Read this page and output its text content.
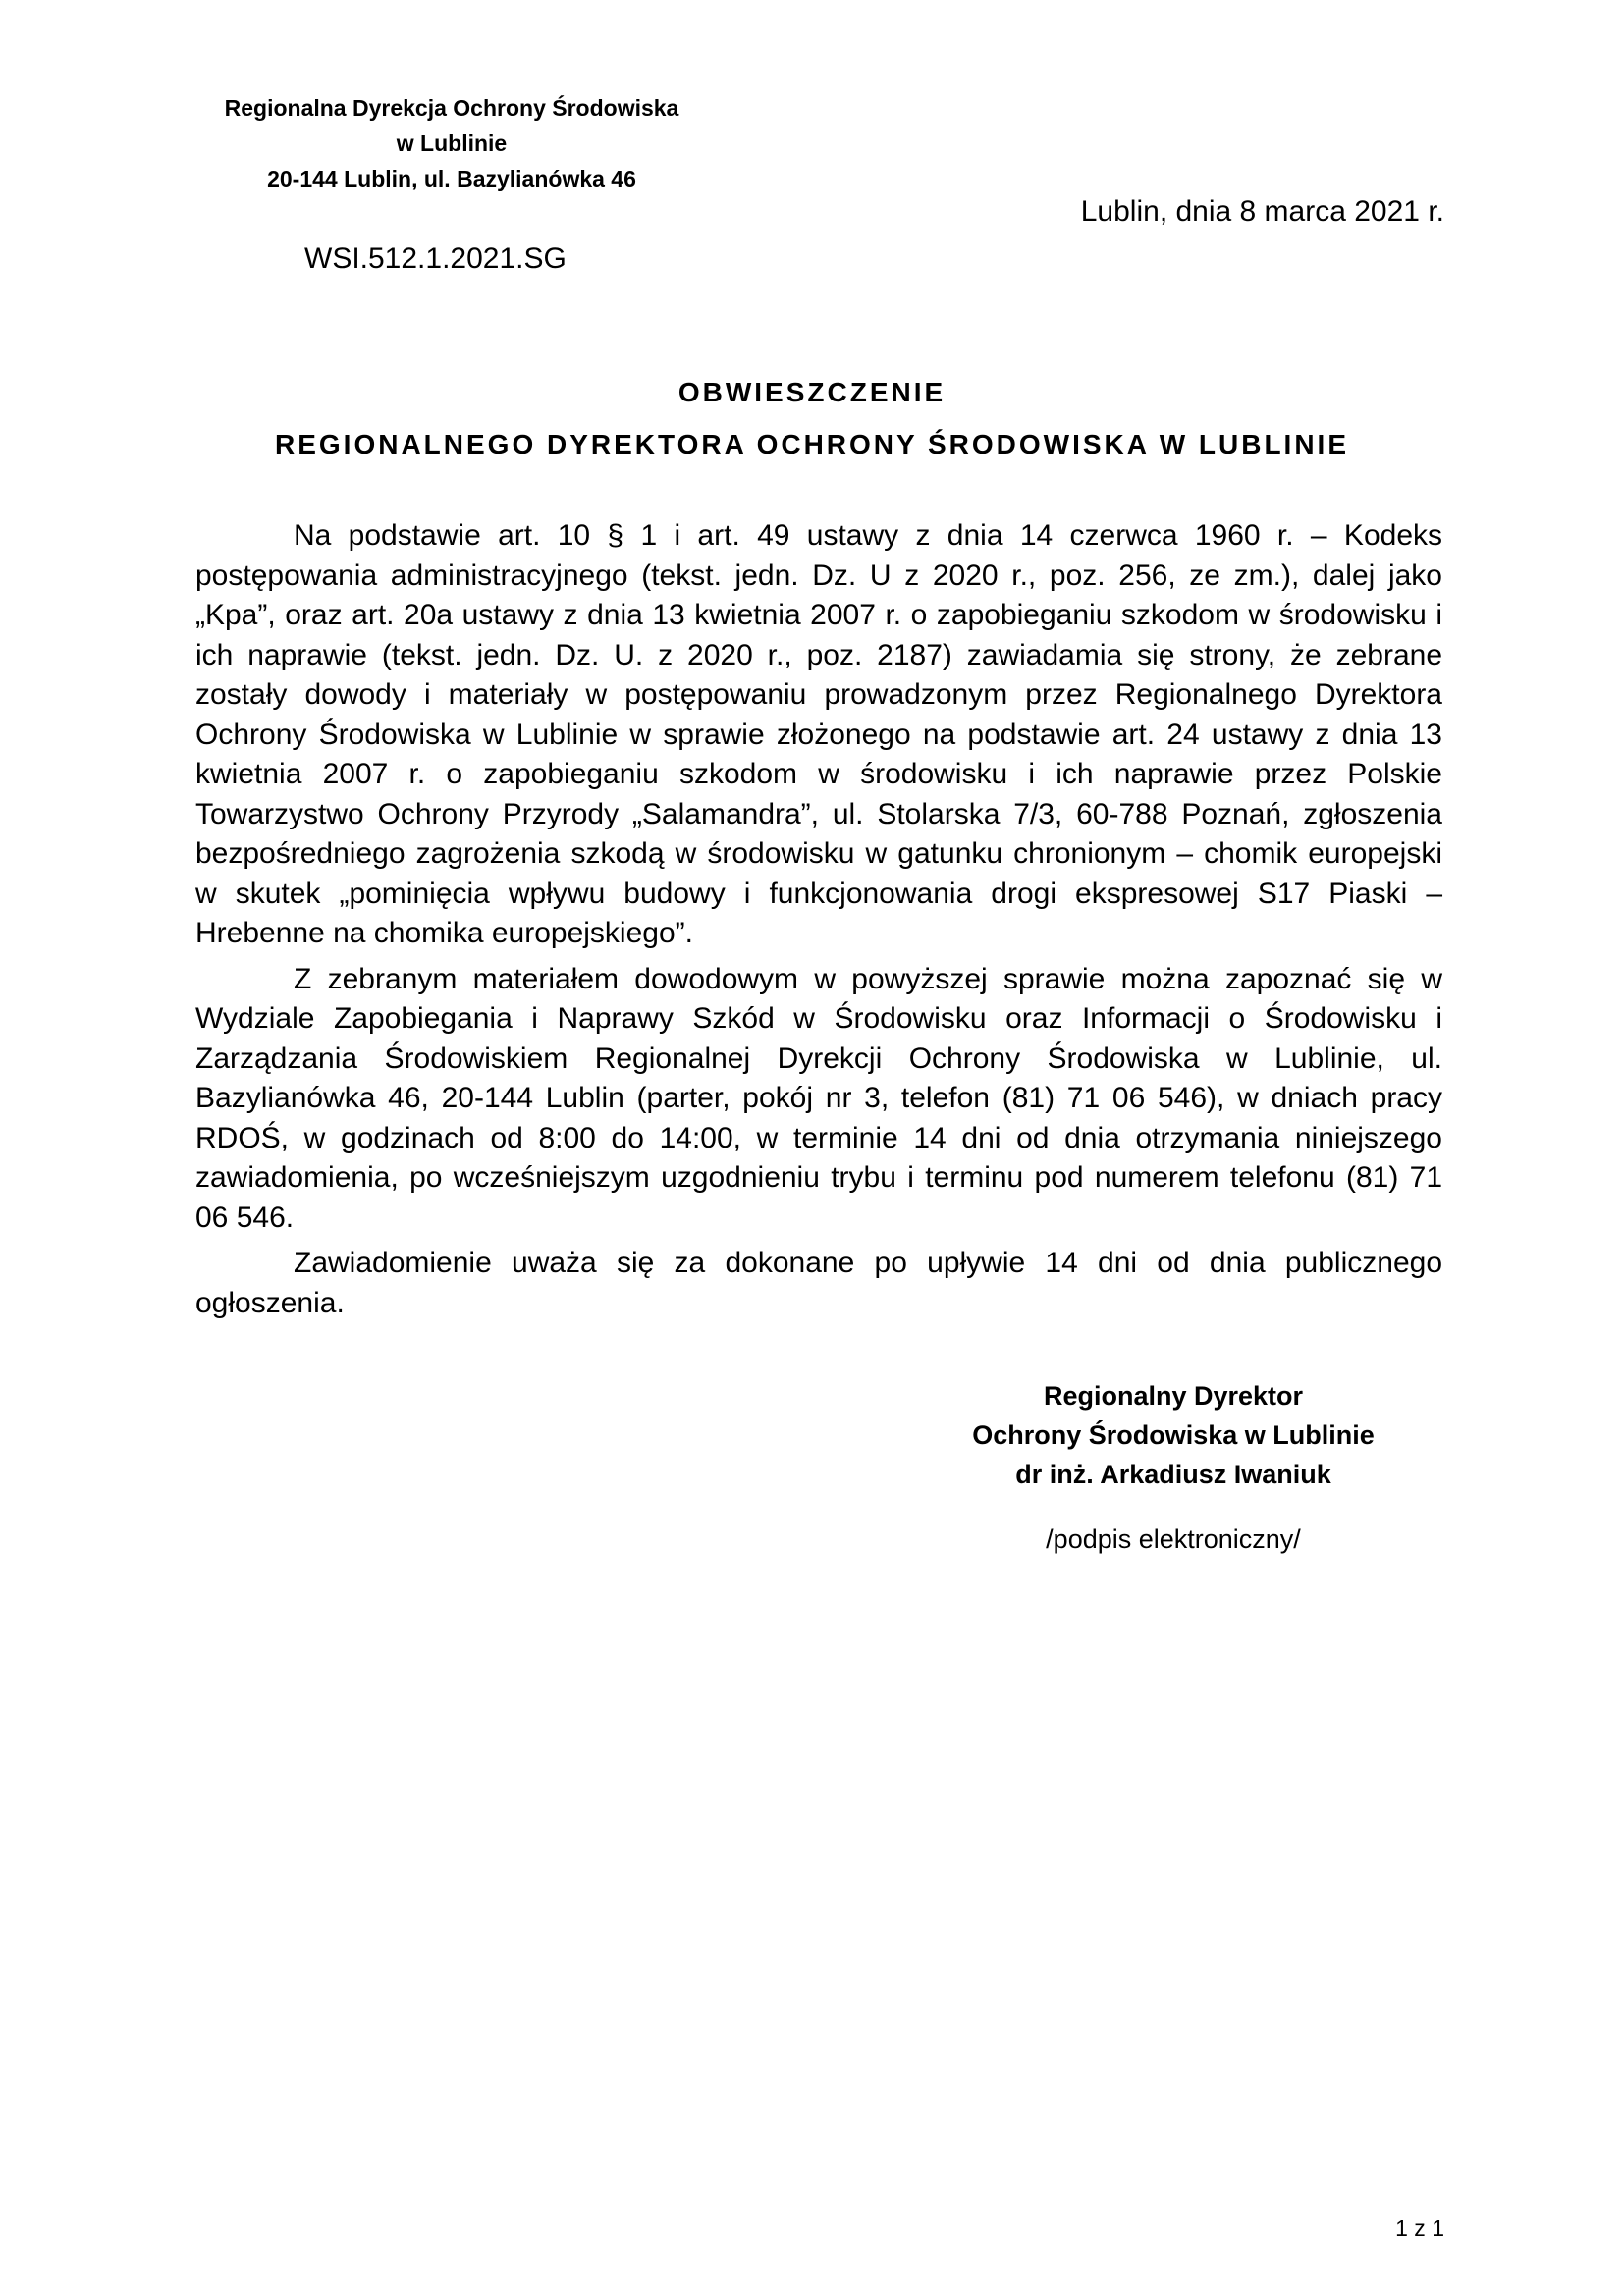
Regionalna Dyrekcja Ochrony Środowiska
w Lublinie
20-144 Lublin, ul. Bazylianówka 46
Lublin, dnia 8 marca 2021 r.
WSI.512.1.2021.SG
OBWIESZCZENIE
REGIONALNEGO DYREKTORA OCHRONY ŚRODOWISKA W LUBLINIE

Na podstawie art. 10 § 1 i art. 49 ustawy z dnia 14 czerwca 1960 r. – Kodeks postępowania administracyjnego (tekst. jedn. Dz. U z 2020 r., poz. 256, ze zm.), dalej jako „Kpa”, oraz art. 20a ustawy z dnia 13 kwietnia 2007 r. o zapobieganiu szkodom w środowisku i ich naprawie (tekst. jedn. Dz. U. z 2020 r., poz. 2187) zawiadamia się strony, że zebrane zostały dowody i materiały w postępowaniu prowadzonym przez Regionalnego Dyrektora Ochrony Środowiska w Lublinie w sprawie złożonego na podstawie art. 24 ustawy z dnia 13 kwietnia 2007 r. o zapobieganiu szkodom w środowisku i ich naprawie przez Polskie Towarzystwo Ochrony Przyrody „Salamandra”, ul. Stolarska 7/3, 60-788 Poznań, zgłoszenia bezpośredniego zagrożenia szkodą w środowisku w gatunku chronionym – chomik europejski w skutek „pominięcia wpływu budowy i funkcjonowania drogi ekspresowej S17 Piaski – Hrebenne na chomika europejskiego”.

Z zebranym materiałem dowodowym w powyższej sprawie można zapoznać się w Wydziale Zapobiegania i Naprawy Szkód w Środowisku oraz Informacji o Środowisku i Zarządzania Środowiskiem Regionalnej Dyrekcji Ochrony Środowiska w Lublinie, ul. Bazylianówka 46, 20-144 Lublin (parter, pokój nr 3, telefon (81) 71 06 546), w dniach pracy RDOŚ, w godzinach od 8:00 do 14:00, w terminie 14 dni od dnia otrzymania niniejszego zawiadomienia, po wcześniejszym uzgodnieniu trybu i terminu pod numerem telefonu (81) 71 06 546.

Zawiadomienie uważa się za dokonane po upływie 14 dni od dnia publicznego ogłoszenia.

Regionalny Dyrektor
Ochrony Środowiska w Lublinie
dr inż. Arkadiusz Iwaniuk
/podpis elektroniczny/
1 z 1
